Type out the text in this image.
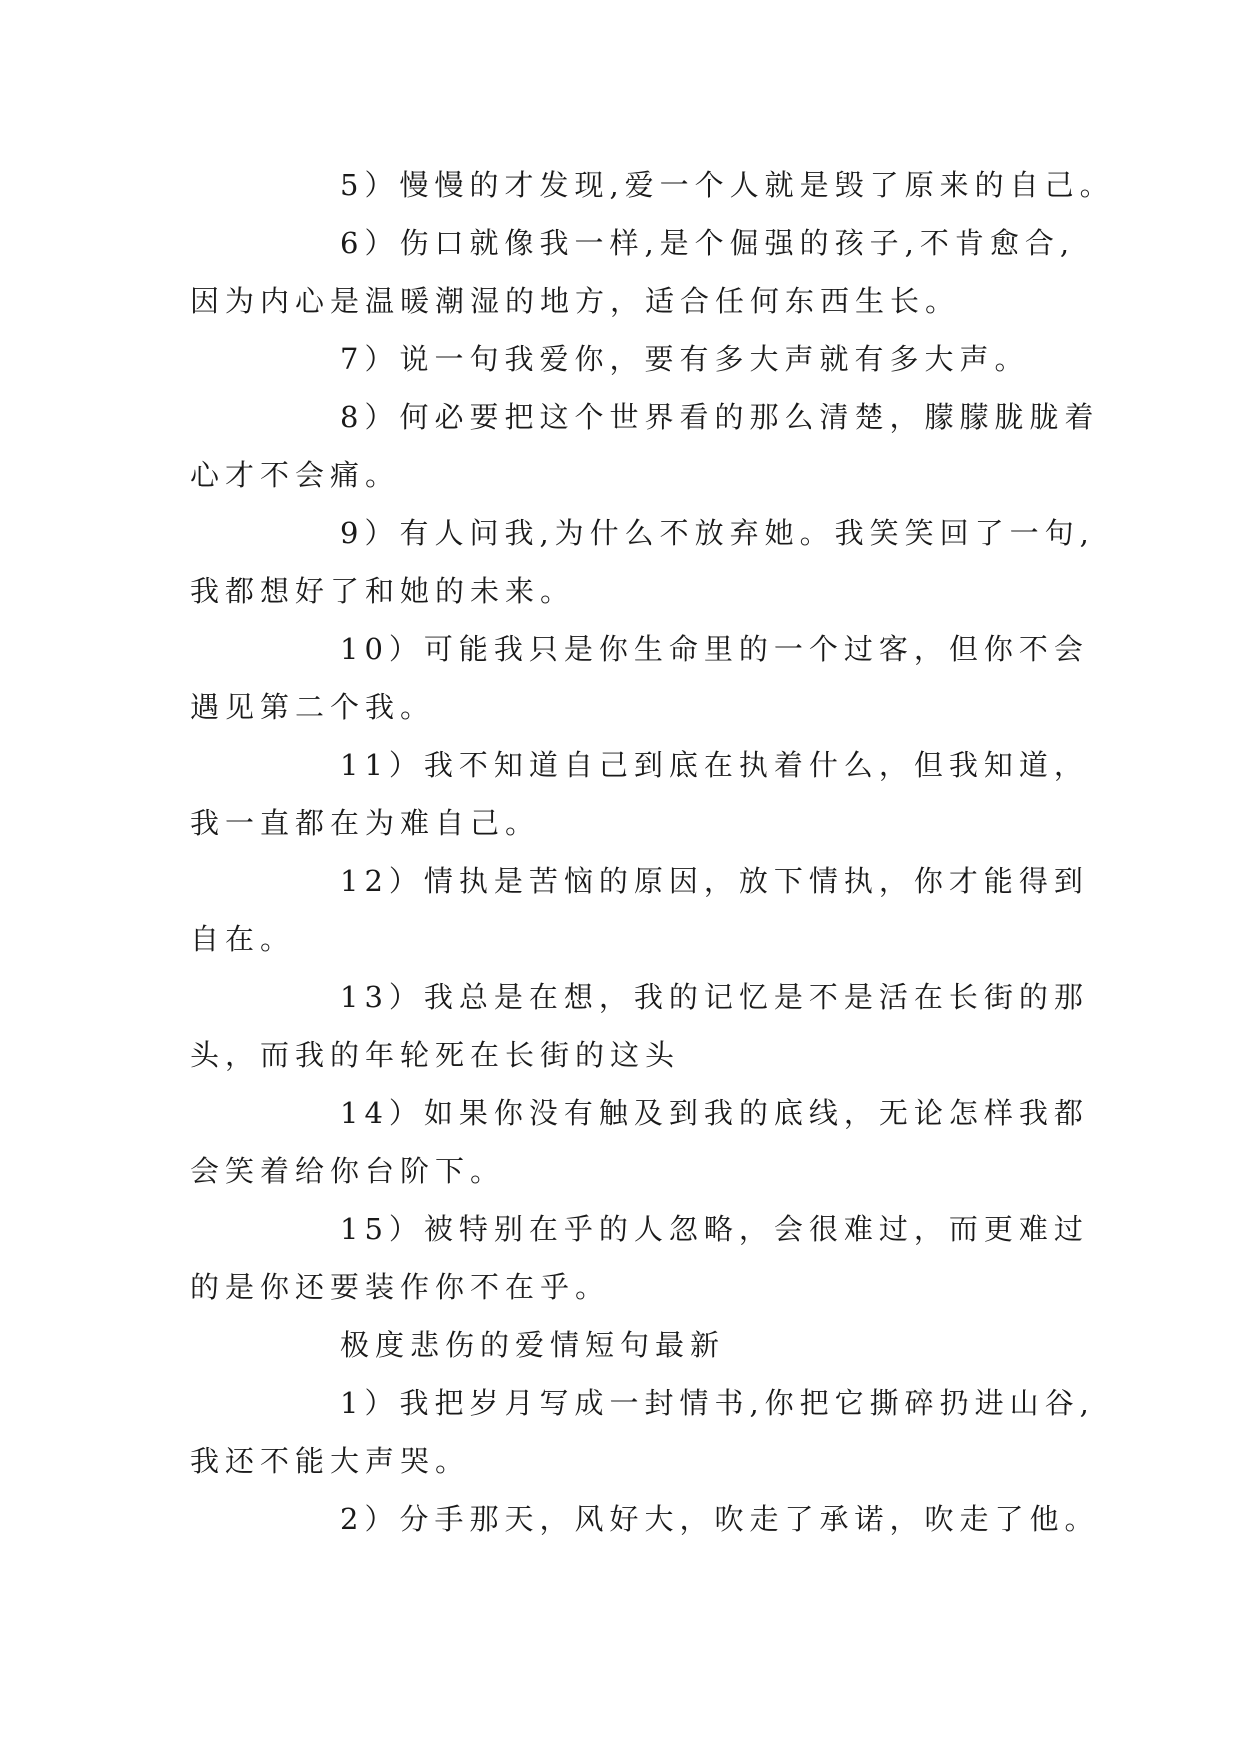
5）慢慢的才发现,爱一个人就是毁了原来的自己。
6）伤口就像我一样,是个倔强的孩子,不肯愈合,
因为内心是温暖潮湿的地方，适合任何东西生长。
7）说一句我爱你，要有多大声就有多大声。
8）何必要把这个世界看的那么清楚，朦朦胧胧着
心才不会痛。
9）有人问我,为什么不放弃她。我笑笑回了一句,
我都想好了和她的未来。
10）可能我只是你生命里的一个过客，但你不会
遇见第二个我。
11）我不知道自己到底在执着什么，但我知道，
我一直都在为难自己。
12）情执是苦恼的原因，放下情执，你才能得到
自在。
13）我总是在想，我的记忆是不是活在长街的那
头，而我的年轮死在长街的这头
14）如果你没有触及到我的底线，无论怎样我都
会笑着给你台阶下。
15）被特别在乎的人忽略，会很难过，而更难过
的是你还要装作你不在乎。
极度悲伤的爱情短句最新
1）我把岁月写成一封情书,你把它撕碎扔进山谷,
我还不能大声哭。
2）分手那天，风好大，吹走了承诺，吹走了他。
